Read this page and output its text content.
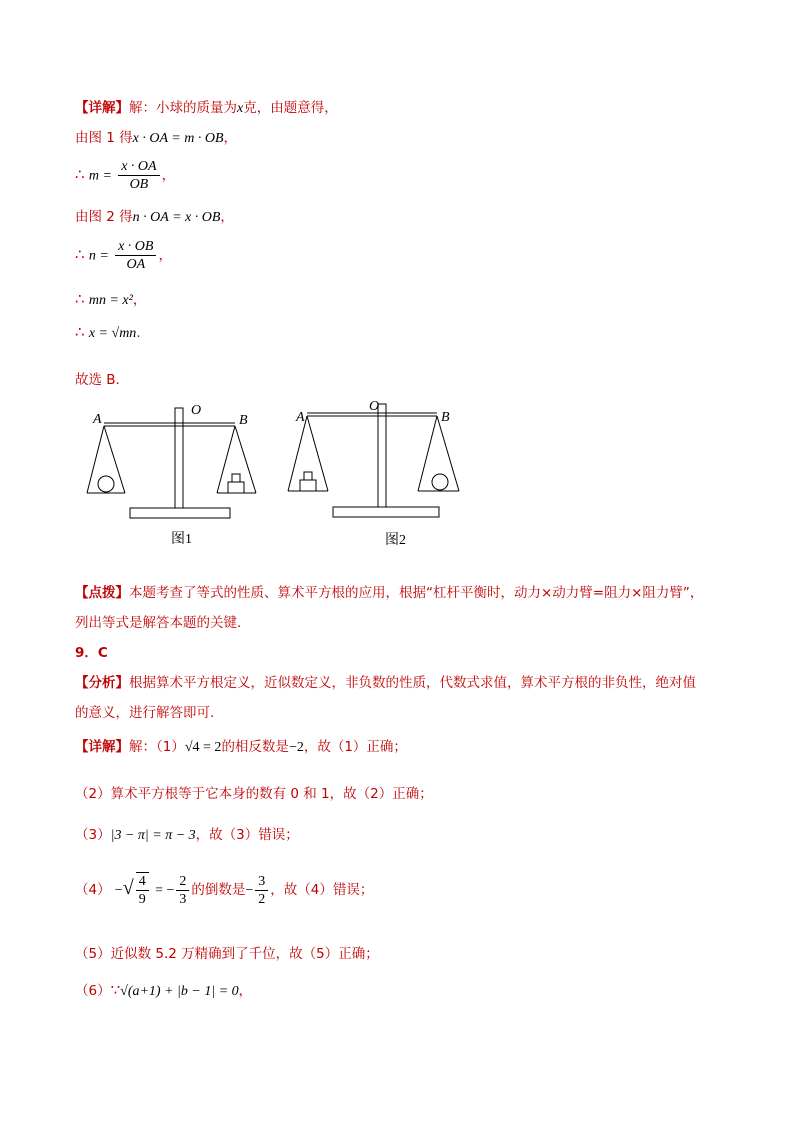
【详解】解：小球的质量为x克，由题意得，
由图 1 得x · OA = m · OB，
∴ $m = \frac{x \cdot OA}{OB}$ ，
由图 2 得n · OA = x · OB，
∴ $n = \frac{x \cdot OB}{OA}$ ，
∴ mn = x²，
∴ x = √mn.
故选 B.
A
O
B
图1
A
O
B
图2
【点拨】本题考查了等式的性质、算术平方根的应用，根据“杠杆平衡时，动力×动力臂=阻力×阻力臂”，
列出等式是解答本题的关键.
9．C
【分析】根据算术平方根定义，近似数定义，非负数的性质，代数式求值，算术平方根的非负性，绝对值
的意义，进行解答即可.
【详解】解：（1）√4 = 2的相反数是−2，故（1）正确；
（2）算术平方根等于它本身的数有 0 和 1，故（2）正确；
（3）|3 − π| = π − 3，故（3）错误；
（4） −√ $\frac{4}{9}$ = − $\frac{2}{3}$ 的倒数是− $\frac{3}{2}$ ，故（4）错误；
（5）近似数 5.2 万精确到了千位，故（5）正确；
（6）∵√(a+1) + |b − 1| = 0，
